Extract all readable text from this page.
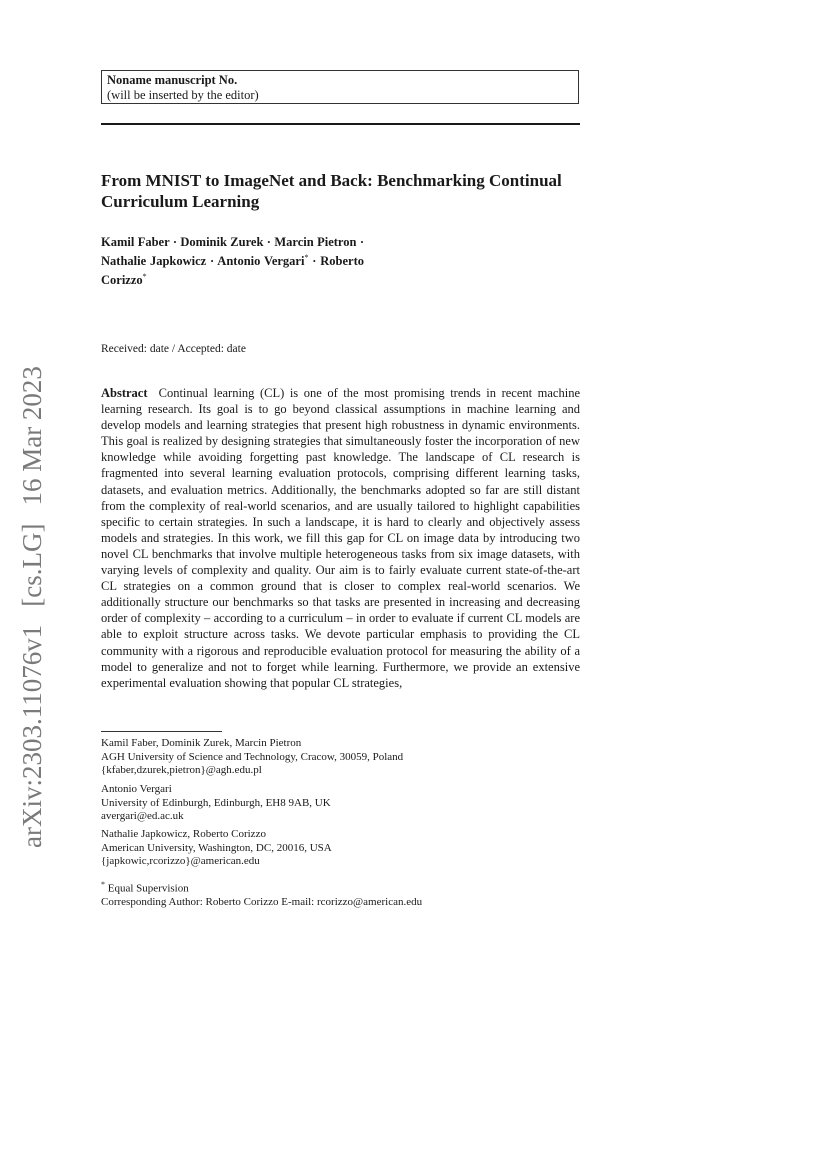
Noname manuscript No.
(will be inserted by the editor)
From MNIST to ImageNet and Back: Benchmarking Continual Curriculum Learning
Kamil Faber · Dominik Zurek · Marcin Pietron · Nathalie Japkowicz · Antonio Vergari* · Roberto Corizzo*
Received: date / Accepted: date
Abstract Continual learning (CL) is one of the most promising trends in recent machine learning research. Its goal is to go beyond classical assumptions in machine learning and develop models and learning strategies that present high robustness in dynamic environments. This goal is realized by designing strategies that simultaneously foster the incorporation of new knowledge while avoiding forgetting past knowledge. The landscape of CL research is fragmented into several learning evaluation protocols, comprising different learning tasks, datasets, and evaluation metrics. Additionally, the benchmarks adopted so far are still distant from the complexity of real-world scenarios, and are usually tailored to highlight capabilities specific to certain strategies. In such a landscape, it is hard to clearly and objectively assess models and strategies. In this work, we fill this gap for CL on image data by introducing two novel CL benchmarks that involve multiple heterogeneous tasks from six image datasets, with varying levels of complexity and quality. Our aim is to fairly evaluate current state-of-the-art CL strategies on a common ground that is closer to complex real-world scenarios. We additionally structure our benchmarks so that tasks are presented in increasing and decreasing order of complexity – according to a curriculum – in order to evaluate if current CL models are able to exploit structure across tasks. We devote particular emphasis to providing the CL community with a rigorous and reproducible evaluation protocol for measuring the ability of a model to generalize and not to forget while learning. Furthermore, we provide an extensive experimental evaluation showing that popular CL strategies,
Kamil Faber, Dominik Zurek, Marcin Pietron
AGH University of Science and Technology, Cracow, 30059, Poland
{kfaber,dzurek,pietron}@agh.edu.pl
Antonio Vergari
University of Edinburgh, Edinburgh, EH8 9AB, UK
avergari@ed.ac.uk
Nathalie Japkowicz, Roberto Corizzo
American University, Washington, DC, 20016, USA
{japkowic,rcorizzo}@american.edu
* Equal Supervision
Corresponding Author: Roberto Corizzo E-mail: rcorizzo@american.edu
arXiv:2303.11076v1[cs.LG]16 Mar 2023
